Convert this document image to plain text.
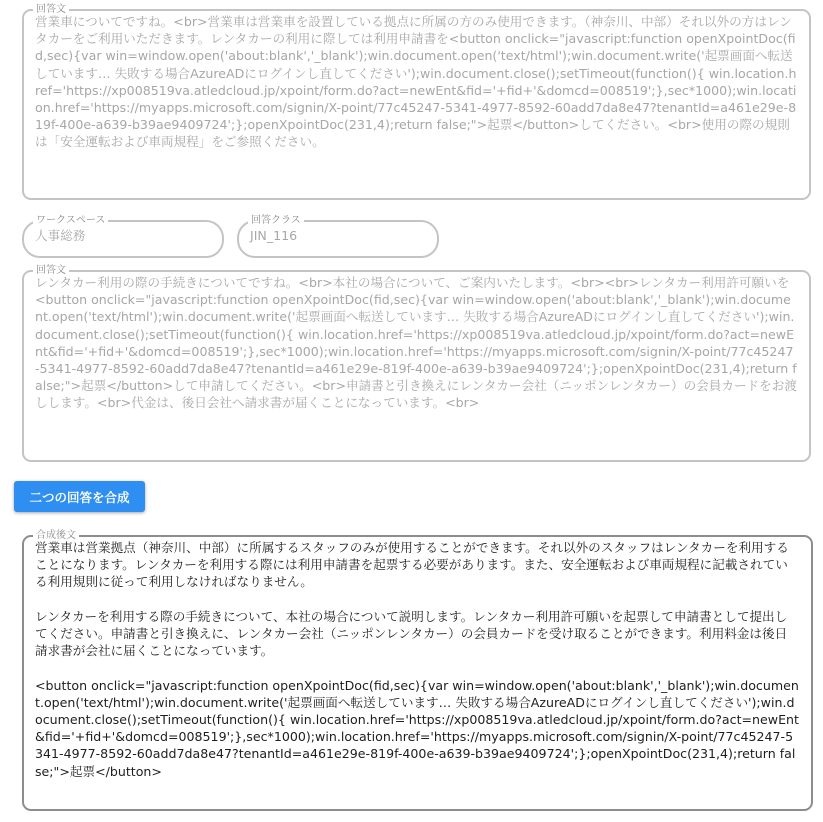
回答文
営業車についてですね。<br>営業車は営業車を設置している拠点に所属の方のみ使用できます。（神奈川、中部）それ以外の方はレンタカーをご利用いただきます。レンタカーの利用に際しては利用申請書を<button onclick="javascript:function openXpointDoc(fid,sec){var win=window.open('about:blank','_blank');win.document.open('text/html');win.document.write('起票画面へ転送しています… 失敗する場合AzureADにログインし直してください');win.document.close();setTimeout(function(){ win.location.href='https://xp008519va.atledcloud.jp/xpoint/form.do?act=newEnt&fid='+fid+'&domcd=008519';},sec*1000);win.location.href='https://myapps.microsoft.com/signin/X-point/77c45247-5341-4977-8592-60add7da8e47?tenantId=a461e29e-819f-400e-a639-b39ae9409724';};openXpointDoc(231,4);return false;">起票</button>してください。<br>使用の際の規則は「安全運転および車両規程」をご参照ください。
ワークスペース
人事総務
回答クラス
JIN_116
回答文
レンタカー利用の際の手続きについてですね。<br>本社の場合について、ご案内いたします。<br><br>レンタカー利用許可願いを<button onclick="javascript:function openXpointDoc(fid,sec){var win=window.open('about:blank','_blank');win.document.open('text/html');win.document.write('起票画面へ転送しています… 失敗する場合AzureADにログインし直してください');win.document.close();setTimeout(function(){ win.location.href='https://xp008519va.atledcloud.jp/xpoint/form.do?act=newEnt&fid='+fid+'&domcd=008519';},sec*1000);win.location.href='https://myapps.microsoft.com/signin/X-point/77c45247-5341-4977-8592-60add7da8e47?tenantId=a461e29e-819f-400e-a639-b39ae9409724';};openXpointDoc(231,4);return false;">起票</button>して申請してください。<br>申請書と引き換えにレンタカー会社（ニッポンレンタカー）の会員カードをお渡しします。<br>代金は、後日会社へ請求書が届くことになっています。<br>
二つの回答を合成
合成後文
営業車は営業拠点（神奈川、中部）に所属するスタッフのみが使用することができます。それ以外のスタッフはレンタカーを利用することになります。レンタカーを利用する際には利用申請書を起票する必要があります。また、安全運転および車両規程に記載されている利用規則に従って利用しなければなりません。

レンタカーを利用する際の手続きについて、本社の場合について説明します。レンタカー利用許可願いを起票して申請書として提出してください。申請書と引き換えに、レンタカー会社（ニッポンレンタカー）の会員カードを受け取ることができます。利用料金は後日請求書が会社に届くことになっています。

<button onclick="javascript:function openXpointDoc(fid,sec){var win=window.open('about:blank','_blank');win.document.open('text/html');win.document.write('起票画面へ転送しています… 失敗する場合AzureADにログインし直してください');win.document.close();setTimeout(function(){ win.location.href='https://xp008519va.atledcloud.jp/xpoint/form.do?act=newEnt&fid='+fid+'&domcd=008519';},sec*1000);win.location.href='https://myapps.microsoft.com/signin/X-point/77c45247-5341-4977-8592-60add7da8e47?tenantId=a461e29e-819f-400e-a639-b39ae9409724';};openXpointDoc(231,4);return false;">起票</button>
